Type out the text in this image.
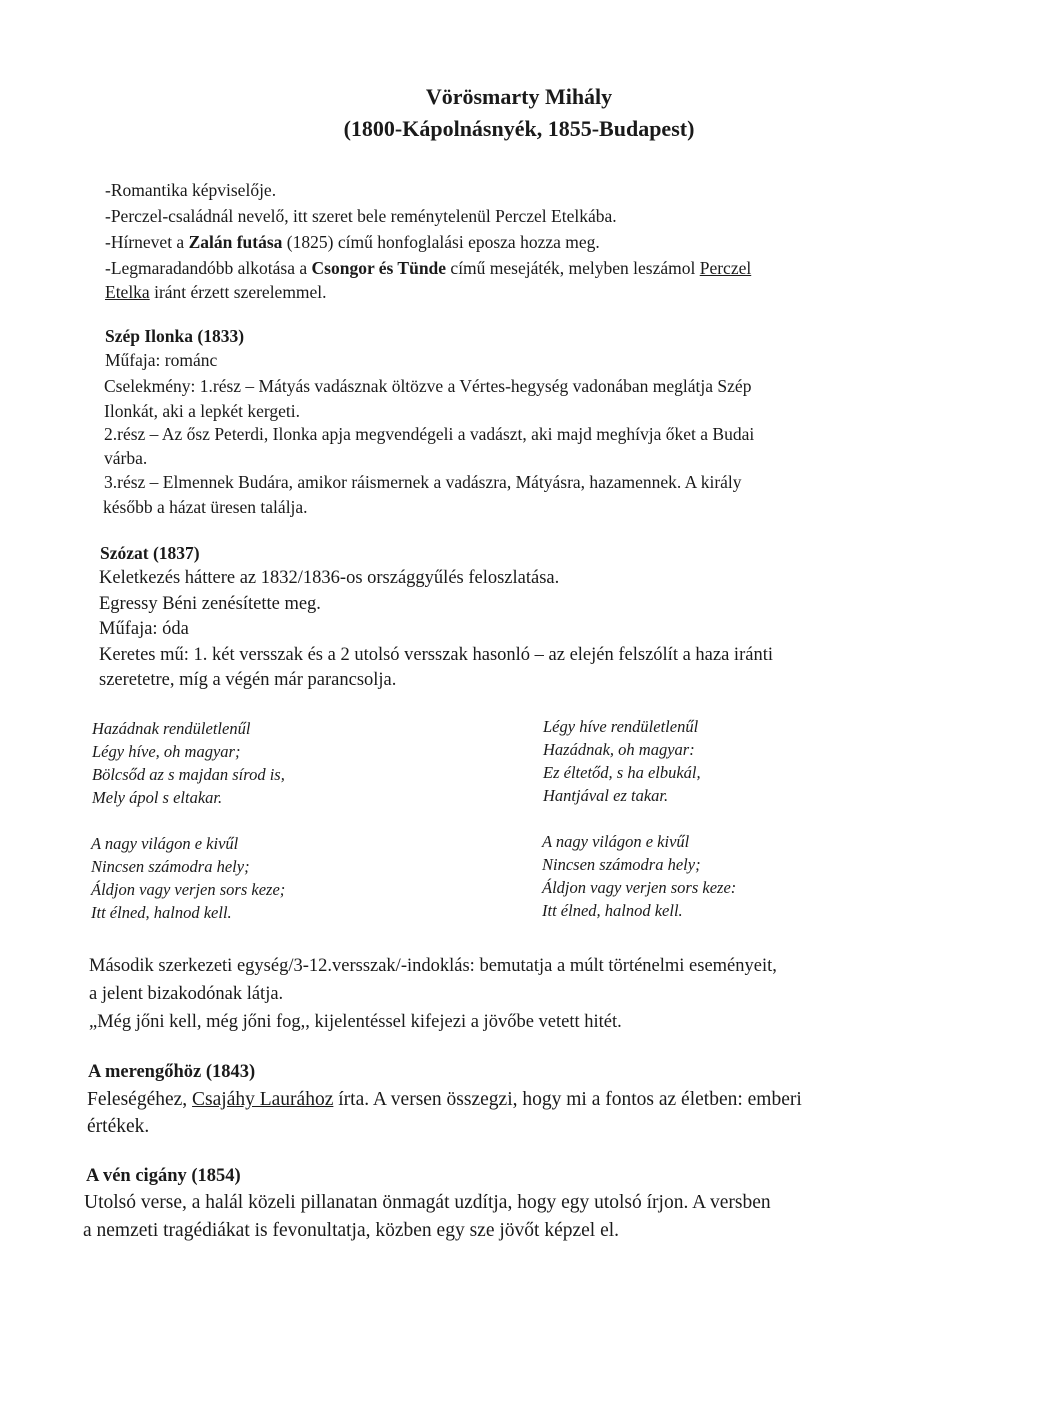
Vörösmarty Mihály
(1800-Kápolnásnyék, 1855-Budapest)
-Romantika képviselője.
-Perczel-családnál nevelő, itt szeret bele reménytelenül Perczel Etelkába.
-Hírnevet a Zalán futása (1825) című honfoglalási eposza hozza meg.
-Legmaradandóbb alkotása a Csongor és Tünde című mesejáték, melyben leszámol Perczel
Etelka iránt érzett szerelemmel.
Szép Ilonka (1833)
Műfaja: románc
Cselekmény: 1.rész – Mátyás vadásznak öltözve a Vértes-hegység vadonában meglátja Szép
Ilonkát, aki a lepkét kergeti.
2.rész – Az ősz Peterdi, Ilonka apja megvendégeli a vadászt, aki majd meghívja őket a Budai
várba.
3.rész – Elmennek Budára, amikor ráismernek a vadászra, Mátyásra, hazamennek. A király
később a házat üresen találja.
Szózat (1837)
Keletkezés háttere az 1832/1836-os országgyűlés feloszlatása.
Egressy Béni zenésítette meg.
Műfaja: óda
Keretes mű: 1. két versszak és a 2 utolsó versszak hasonló – az elején felszólít a haza iránti
szeretetre, míg a végén már parancsolja.
Hazádnak rendületlenűl
Légy híve, oh magyar;
Bölcsőd az s majdan sírod is,
Mely ápol s eltakar.
A nagy világon e kivűl
Nincsen számodra hely;
Áldjon vagy verjen sors keze;
Itt élned, halnod kell.
Légy híve rendületlenűl
Hazádnak, oh magyar:
Ez éltetőd, s ha elbukál,
Hantjával ez takar.
A nagy világon e kivűl
Nincsen számodra hely;
Áldjon vagy verjen sors keze:
Itt élned, halnod kell.
Második szerkezeti egység/3-12.versszak/-indoklás: bemutatja a múlt történelmi eseményeit,
a jelent bizakodónak látja.
„Még jőni kell, még jőni fog,, kijelentéssel kifejezi a jövőbe vetett hitét.
A merengőhöz (1843)
Feleségéhez, Csajáhy Laurához írta. A versen összegzi, hogy mi a fontos az életben: emberi
értékek.
A vén cigány (1854)
Utolsó verse, a halál közeli pillanatan önmagát uzdítja, hogy egy utolsó írjon. A versben
a nemzeti tragédiákat is fevonultatja, közben egy sze jövőt képzel el.
